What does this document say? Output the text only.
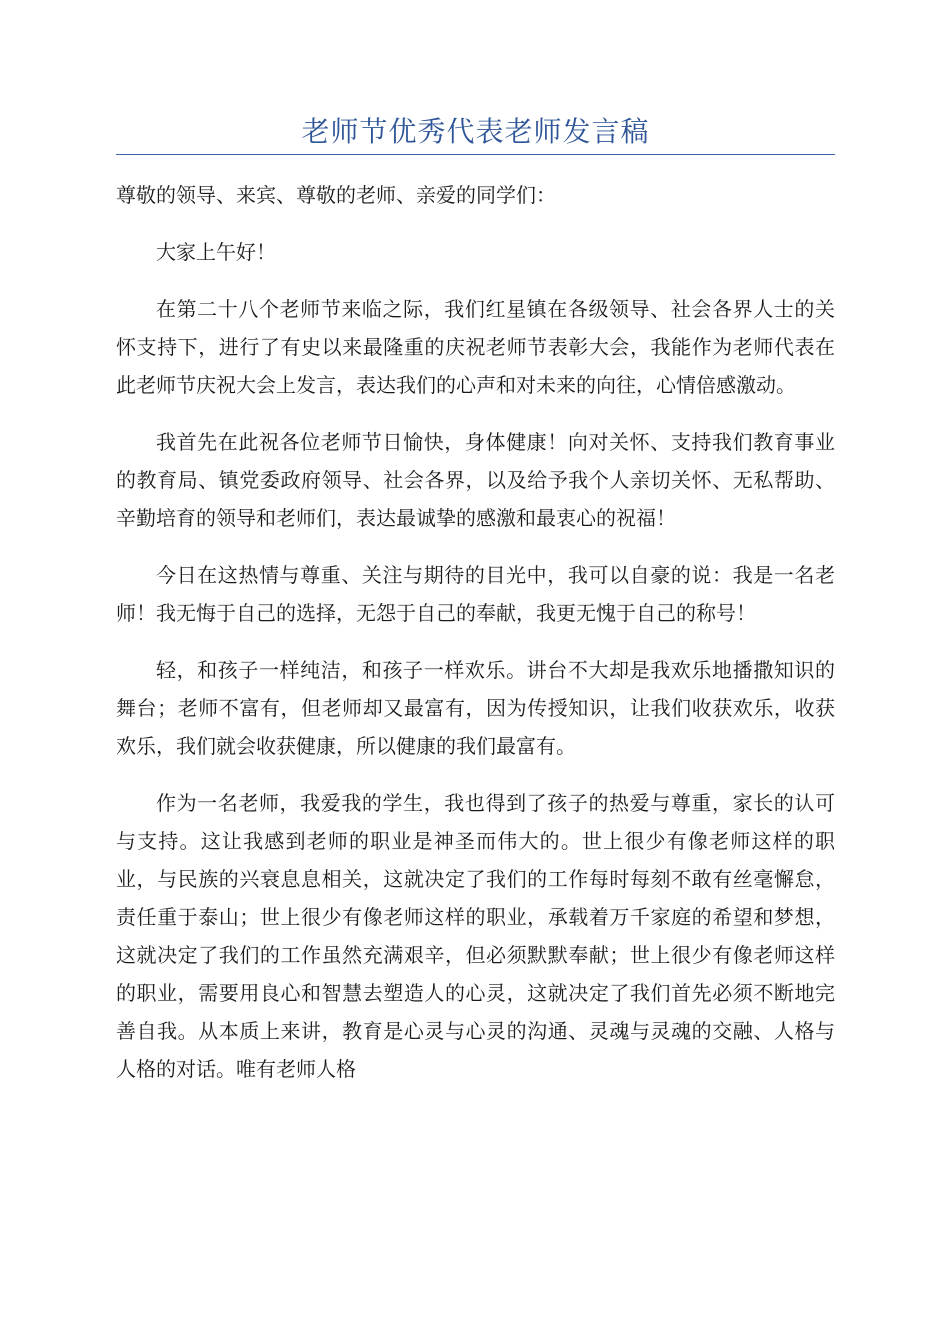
老师节优秀代表老师发言稿

尊敬的领导、来宾、尊敬的老师、亲爱的同学们：

大家上午好！

在第二十八个老师节来临之际，我们红星镇在各级领导、社会各界人士的关怀支持下，进行了有史以来最隆重的庆祝老师节表彰大会，我能作为老师代表在此老师节庆祝大会上发言，表达我们的心声和对未来的向往，心情倍感激动。

我首先在此祝各位老师节日愉快，身体健康！向对关怀、支持我们教育事业的教育局、镇党委政府领导、社会各界，以及给予我个人亲切关怀、无私帮助、辛勤培育的领导和老师们，表达最诚挚的感激和最衷心的祝福！

今日在这热情与尊重、关注与期待的目光中，我可以自豪的说：我是一名老师！我无悔于自己的选择，无怨于自己的奉献，我更无愧于自己的称号！

轻，和孩子一样纯洁，和孩子一样欢乐。讲台不大却是我欢乐地播撒知识的舞台；老师不富有，但老师却又最富有，因为传授知识，让我们收获欢乐，收获欢乐，我们就会收获健康，所以健康的我们最富有。

作为一名老师，我爱我的学生，我也得到了孩子的热爱与尊重，家长的认可与支持。这让我感到老师的职业是神圣而伟大的。世上很少有像老师这样的职业，与民族的兴衰息息相关，这就决定了我们的工作每时每刻不敢有丝毫懈怠，责任重于泰山；世上很少有像老师这样的职业，承载着万千家庭的希望和梦想，这就决定了我们的工作虽然充满艰辛，但必须默默奉献；世上很少有像老师这样的职业，需要用良心和智慧去塑造人的心灵，这就决定了我们首先必须不断地完善自我。从本质上来讲，教育是心灵与心灵的沟通、灵魂与灵魂的交融、人格与人格的对话。唯有老师人格
